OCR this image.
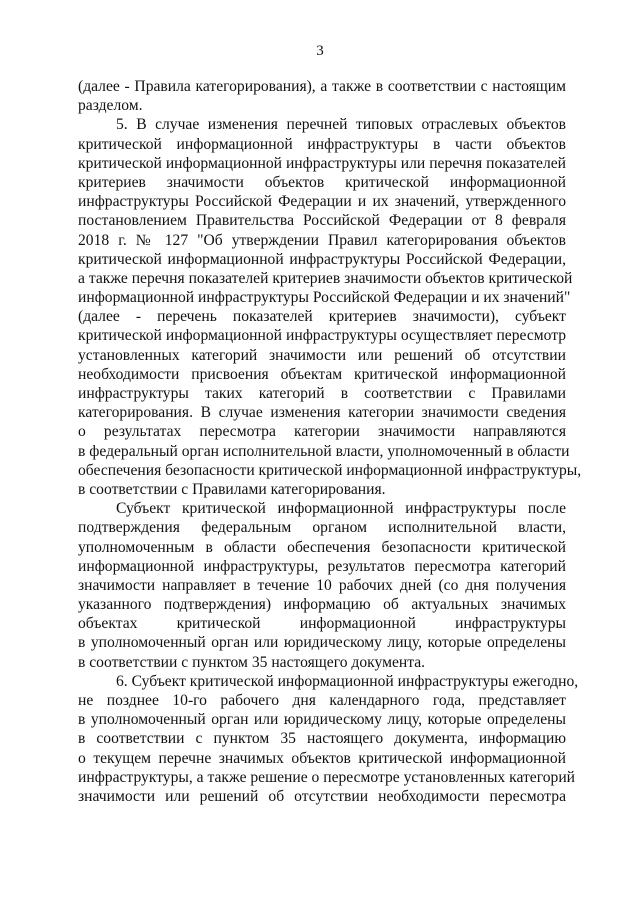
3
(далее - Правила категорирования), а также в соответствии с настоящим
разделом.
5. В случае изменения перечней типовых отраслевых объектов
критической информационной инфраструктуры в части объектов
критической информационной инфраструктуры или перечня показателей
критериев значимости объектов критической информационной
инфраструктуры Российской Федерации и их значений, утвержденного
постановлением Правительства Российской Федерации от 8 февраля
2018 г. № 127 "Об утверждении Правил категорирования объектов
критической информационной инфраструктуры Российской Федерации,
а также перечня показателей критериев значимости объектов критической
информационной инфраструктуры Российской Федерации и их значений"
(далее - перечень показателей критериев значимости), субъект
критической информационной инфраструктуры осуществляет пересмотр
установленных категорий значимости или решений об отсутствии
необходимости присвоения объектам критической информационной
инфраструктуры таких категорий в соответствии с Правилами
категорирования. В случае изменения категории значимости сведения
о результатах пересмотра категории значимости направляются
в федеральный орган исполнительной власти, уполномоченный в области
обеспечения безопасности критической информационной инфраструктуры,
в соответствии с Правилами категорирования.
Субъект критической информационной инфраструктуры после
подтверждения федеральным органом исполнительной власти,
уполномоченным в области обеспечения безопасности критической
информационной инфраструктуры, результатов пересмотра категорий
значимости направляет в течение 10 рабочих дней (со дня получения
указанного подтверждения) информацию об актуальных значимых
объектах критической информационной инфраструктуры
в уполномоченный орган или юридическому лицу, которые определены
в соответствии с пунктом 35 настоящего документа.
6. Субъект критической информационной инфраструктуры ежегодно,
не позднее 10-го рабочего дня календарного года, представляет
в уполномоченный орган или юридическому лицу, которые определены
в соответствии с пунктом 35 настоящего документа, информацию
о текущем перечне значимых объектов критической информационной
инфраструктуры, а также решение о пересмотре установленных категорий
значимости или решений об отсутствии необходимости пересмотра
